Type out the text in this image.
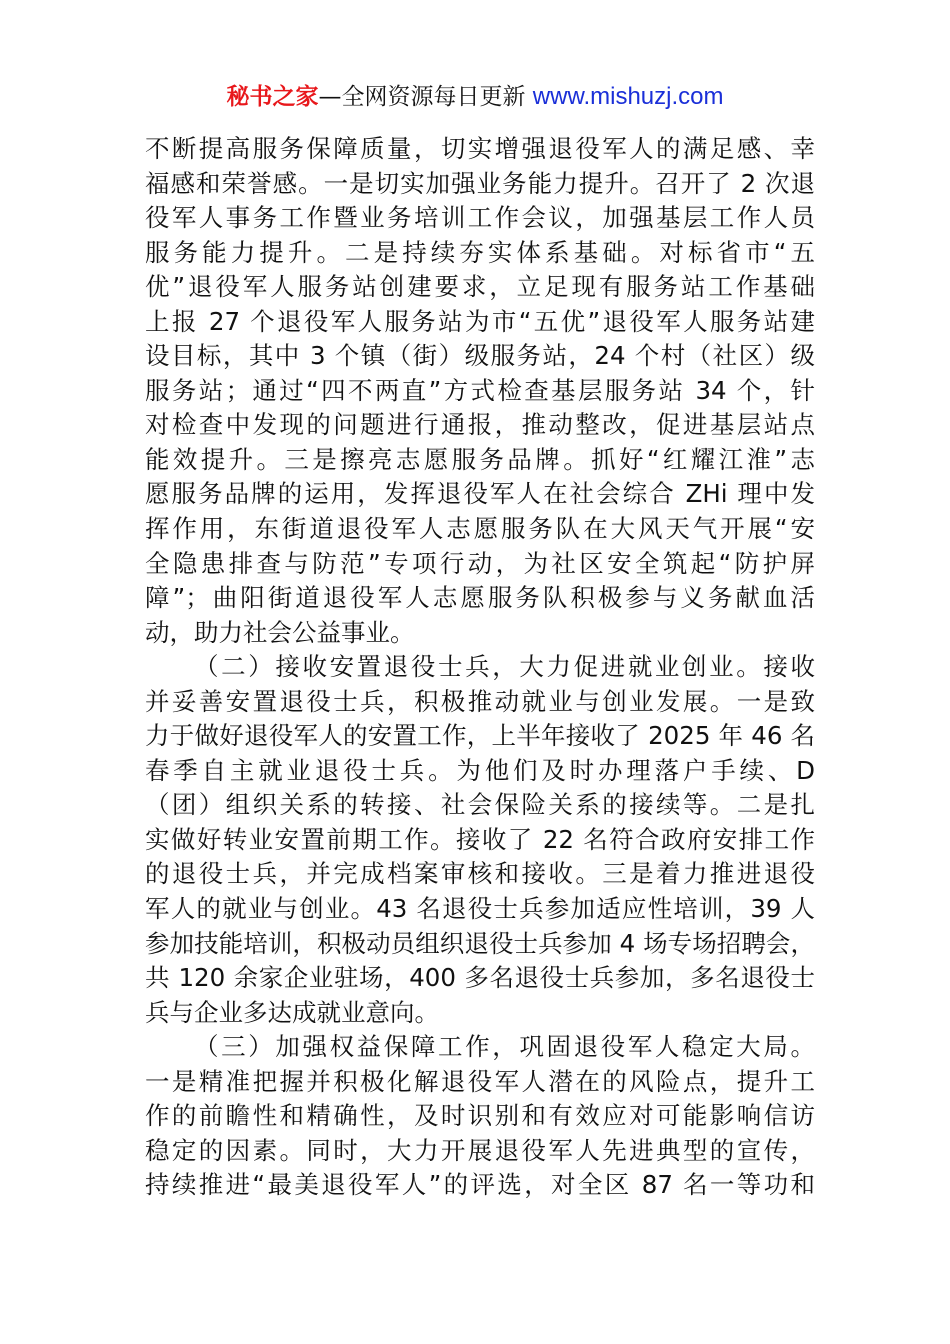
秘书之家—全网资源每日更新 www.mishuzj.com
不断提高服务保障质量，切实增强退役军人的满足感、幸
福感和荣誉感。一是切实加强业务能力提升。召开了 2 次退
役军人事务工作暨业务培训工作会议，加强基层工作人员
服务能力提升。二是持续夯实体系基础。对标省市“五
优”退役军人服务站创建要求，立足现有服务站工作基础
上报 27 个退役军人服务站为市“五优”退役军人服务站建
设目标，其中 3 个镇（街）级服务站，24 个村（社区）级
服务站；通过“四不两直”方式检查基层服务站 34 个，针
对检查中发现的问题进行通报，推动整改，促进基层站点
能效提升。三是擦亮志愿服务品牌。抓好“红耀江淮”志
愿服务品牌的运用，发挥退役军人在社会综合 ZHi 理中发
挥作用，东街道退役军人志愿服务队在大风天气开展“安
全隐患排查与防范”专项行动，为社区安全筑起“防护屏
障”；曲阳街道退役军人志愿服务队积极参与义务献血活
动，助力社会公益事业。
（二）接收安置退役士兵，大力促进就业创业。接收
并妥善安置退役士兵，积极推动就业与创业发展。一是致
力于做好退役军人的安置工作，上半年接收了 2025 年 46 名
春季自主就业退役士兵。为他们及时办理落户手续、D
（团）组织关系的转接、社会保险关系的接续等。二是扎
实做好转业安置前期工作。接收了 22 名符合政府安排工作
的退役士兵，并完成档案审核和接收。三是着力推进退役
军人的就业与创业。43 名退役士兵参加适应性培训，39 人
参加技能培训，积极动员组织退役士兵参加 4 场专场招聘会，
共 120 余家企业驻场，400 多名退役士兵参加，多名退役士
兵与企业多达成就业意向。
（三）加强权益保障工作，巩固退役军人稳定大局。
一是精准把握并积极化解退役军人潜在的风险点，提升工
作的前瞻性和精确性，及时识别和有效应对可能影响信访
稳定的因素。同时，大力开展退役军人先进典型的宣传，
持续推进“最美退役军人”的评选，对全区 87 名一等功和
